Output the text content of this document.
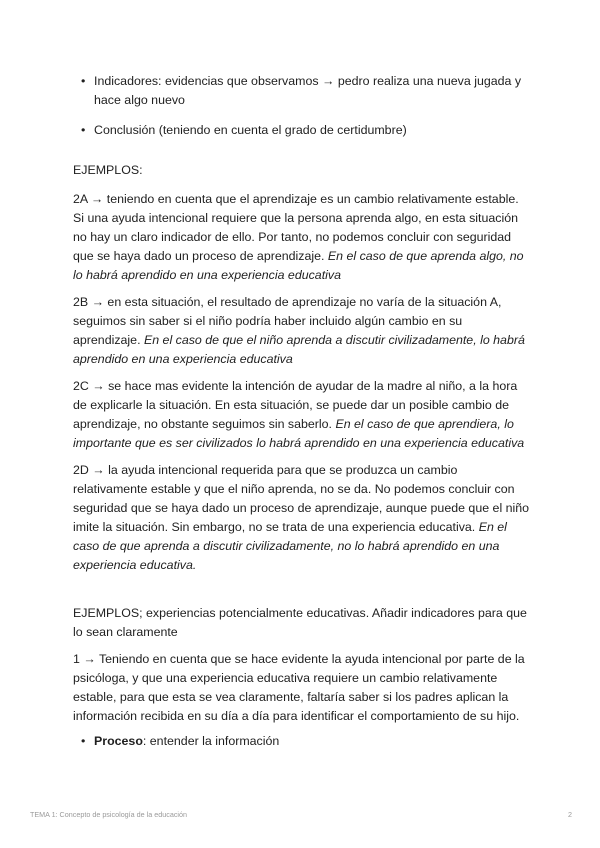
• Indicadores: evidencias que observamos → pedro realiza una nueva jugada y hace algo nuevo
• Conclusión (teniendo en cuenta el grado de certidumbre)

EJEMPLOS:

2A → teniendo en cuenta que el aprendizaje es un cambio relativamente estable. Si una ayuda intencional requiere que la persona aprenda algo, en esta situación no hay un claro indicador de ello. Por tanto, no podemos concluir con seguridad que se haya dado un proceso de aprendizaje. En el caso de que aprenda algo, no lo habrá aprendido en una experiencia educativa

2B → en esta situación, el resultado de aprendizaje no varía de la situación A, seguimos sin saber si el niño podría haber incluido algún cambio en su aprendizaje. En el caso de que el niño aprenda a discutir civilizadamente, lo habrá aprendido en una experiencia educativa

2C → se hace mas evidente la intención de ayudar de la madre al niño, a la hora de explicarle la situación. En esta situación, se puede dar un posible cambio de aprendizaje, no obstante seguimos sin saberlo. En el caso de que aprendiera, lo importante que es ser civilizados lo habrá aprendido en una experiencia educativa

2D → la ayuda intencional requerida para que se produzca un cambio relativamente estable y que el niño aprenda, no se da. No podemos concluir con seguridad que se haya dado un proceso de aprendizaje, aunque puede que el niño imite la situación. Sin embargo, no se trata de una experiencia educativa. En el caso de que aprenda a discutir civilizadamente, no lo habrá aprendido en una experiencia educativa.

EJEMPLOS; experiencias potencialmente educativas. Añadir indicadores para que lo sean claramente

1 → Teniendo en cuenta que se hace evidente la ayuda intencional por parte de la psicóloga, y que una experiencia educativa requiere un cambio relativamente estable, para que esta se vea claramente, faltaría saber si los padres aplican la información recibida en su día a día para identificar el comportamiento de su hijo.

• Proceso: entender la información
TEMA 1: Concepto de psicología de la educación	2
